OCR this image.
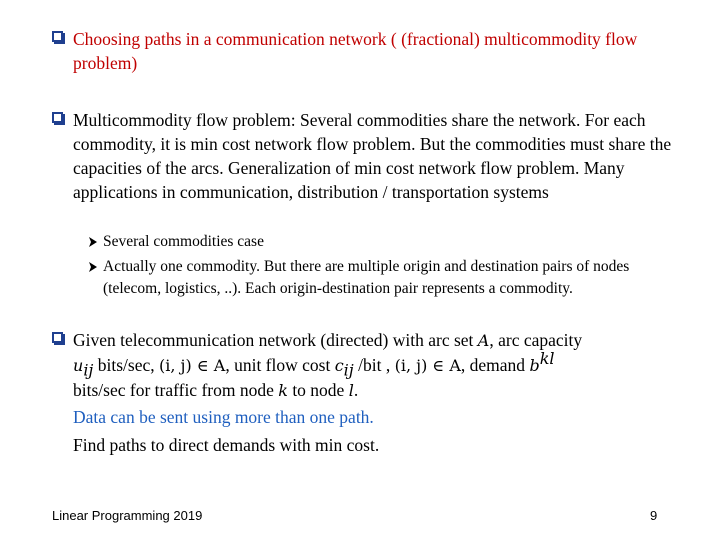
Choosing paths in a communication network ( (fractional) multicommodity flow problem)
Multicommodity flow problem: Several commodities share the network. For each commodity, it is min cost network flow problem. But the commodities must share the capacities of the arcs. Generalization of min cost network flow problem. Many applications in communication, distribution / transportation systems
Several commodities case
Actually one commodity. But there are multiple origin and destination pairs of nodes (telecom, logistics, ..). Each origin-destination pair represents a commodity.
Given telecommunication network (directed) with arc set A, arc capacity
$u_{ij}$ bits/sec, (i, j) ∈ A, unit flow cost $c_{ij}$ /bit , (i, j) ∈ A, demand $b^{kl}$
bits/sec for traffic from node k to node l.
Data can be sent using more than one path.
Find paths to direct demands with min cost.
Linear Programming 2019	9
